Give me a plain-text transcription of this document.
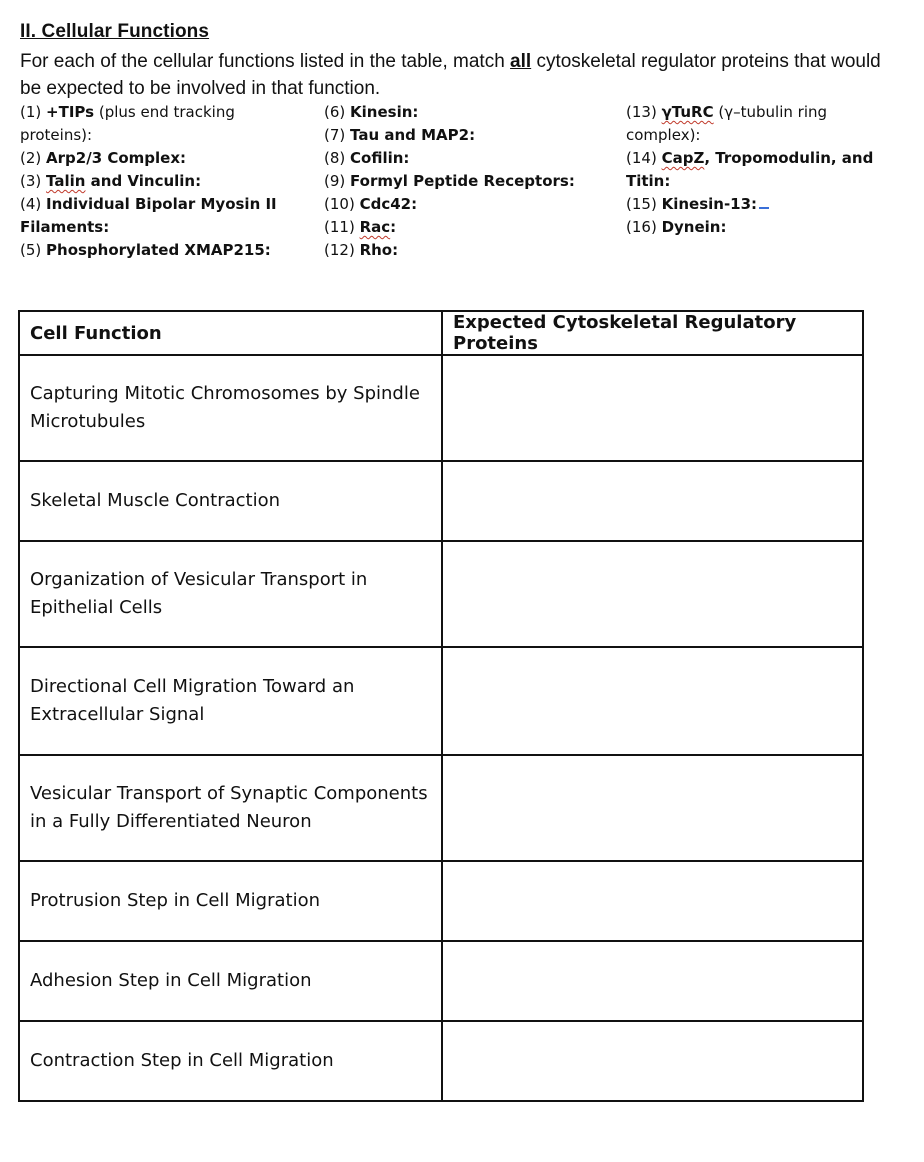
II. Cellular Functions
For each of the cellular functions listed in the table, match all cytoskeletal regulator proteins that would be expected to be involved in that function.
(1) +TIPs (plus end tracking proteins):
(2) Arp2/3 Complex:
(3) Talin and Vinculin:
(4) Individual Bipolar Myosin II Filaments:
(5) Phosphorylated XMAP215:
(6) Kinesin:
(7) Tau and MAP2:
(8) Cofilin:
(9) Formyl Peptide Receptors:
(10) Cdc42:
(11) Rac:
(12) Rho:
(13) γTuRC (γ–tubulin ring complex):
(14) CapZ, Tropomodulin, and Titin:
(15) Kinesin-13:
(16) Dynein:
Cell Function	Expected Cytoskeletal Regulatory Proteins
Capturing Mitotic Chromosomes by Spindle Microtubules	
Skeletal Muscle Contraction	
Organization of Vesicular Transport in Epithelial Cells	
Directional Cell Migration Toward an Extracellular Signal	
Vesicular Transport of Synaptic Components in a Fully Differentiated Neuron	
Protrusion Step in Cell Migration	
Adhesion Step in Cell Migration	
Contraction Step in Cell Migration	
